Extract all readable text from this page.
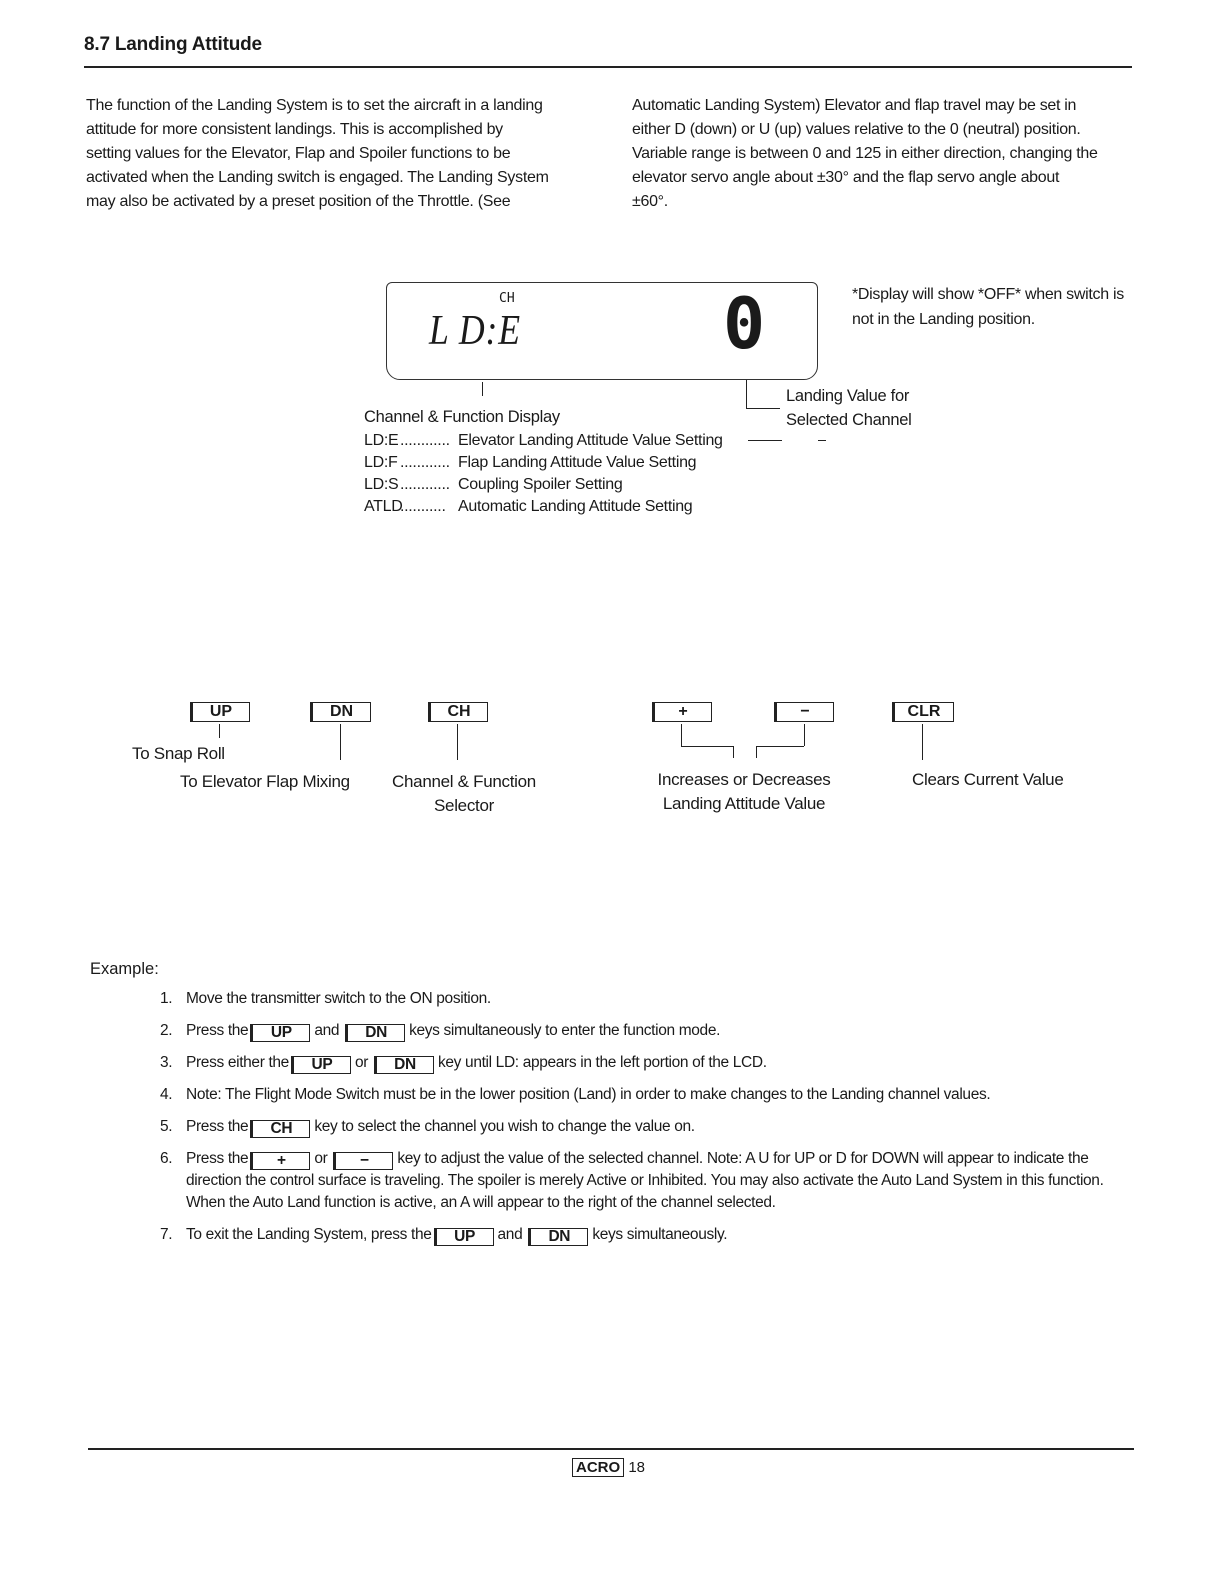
8.7 Landing Attitude

The function of the Landing System is to set the aircraft in a landing

attitude for more consistent landings. This is accomplished by

setting values for the Elevator, Flap and Spoiler functions to be

activated when the Landing switch is engaged. The Landing System

may also be activated by a preset position of the Throttle. (See

Automatic Landing System) Elevator and flap travel may be set in

either D (down) or U (up) values relative to the 0 (neutral) position.

Variable range is between 0 and 125 in either direction, changing the

elevator servo angle about ±30° and the flap servo angle about

±60°.

CH
L D:E	0	*Display will show *OFF* when switch is
not in the Landing position.
Landing Value for
Selected Channel
Channel & Function Display
LD:E ............ Elevator Landing Attitude Value Setting
LD:F ............ Flap Landing Attitude Value Setting
LD:S ............ Coupling Spoiler Setting
ATLD........... Automatic Landing Attitude Setting
UP	DN	CH	+	−	CLR
To Snap Roll
To Elevator Flap Mixing	Channel & Function
Selector
Increases or Decreases
Landing Attitude Value
Clears Current Value
Example:
1. Move the transmitter switch to the ON position.
2. Press the UP and DN keys simultaneously to enter the function mode.
3. Press either the UP or DN key until LD: appears in the left portion of the LCD.
4. Note: The Flight Mode Switch must be in the lower position (Land) in order to make changes to the Landing channel values.
5. Press the CH key to select the channel you wish to change the value on.
6. Press the + or − key to adjust the value of the selected channel. Note: A U for UP or D for DOWN will appear to indicate the direction the control surface is traveling. The spoiler is merely Active or Inhibited. You may also activate the Auto Land System in this function. When the Auto Land function is active, an A will appear to the right of the channel selected.
7. To exit the Landing System, press the UP and DN keys simultaneously.
ACRO 18
